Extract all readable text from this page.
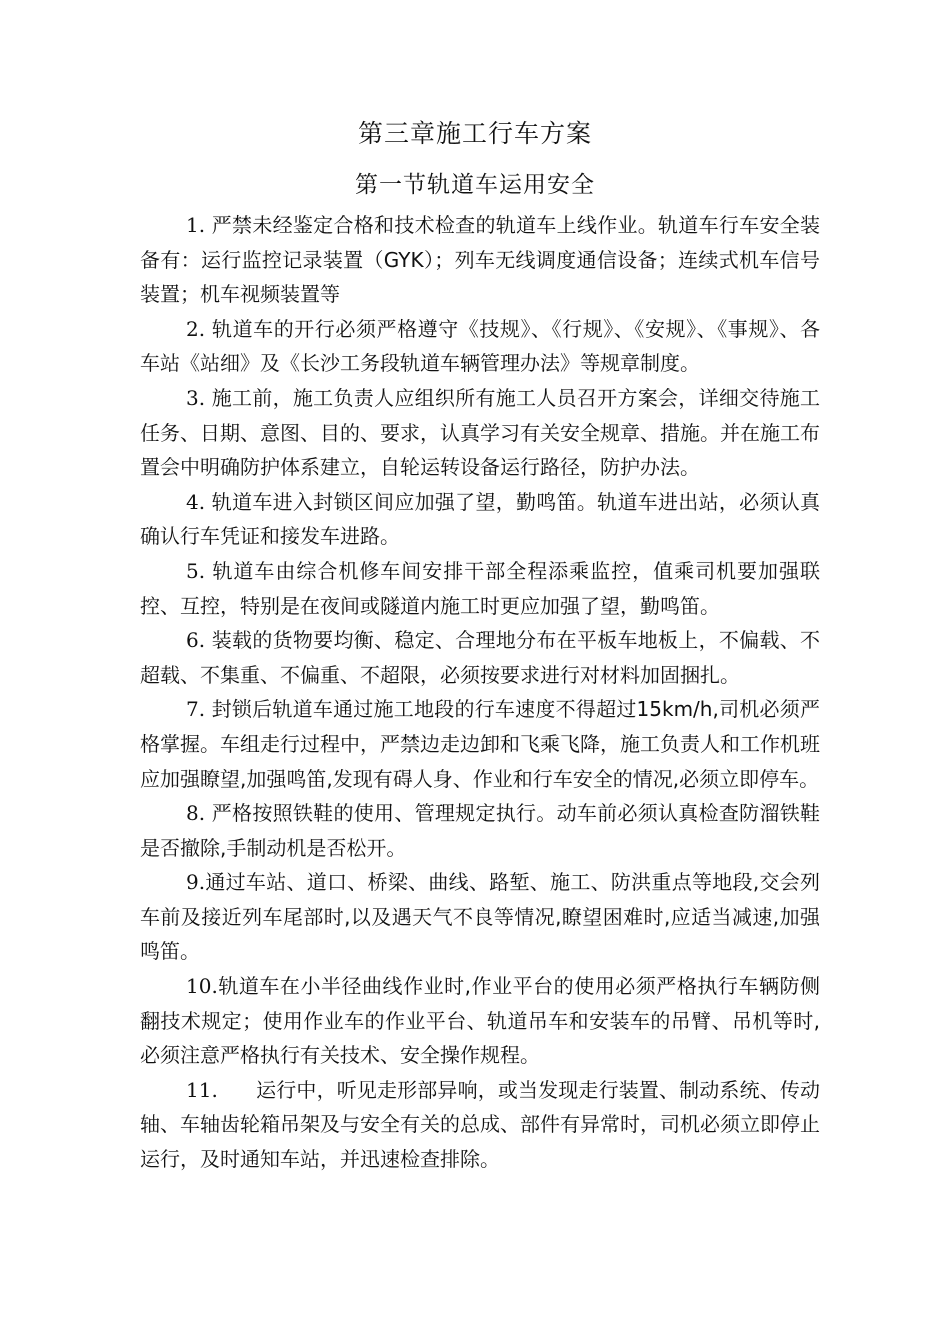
第三章施工行车方案
第一节轨道车运用安全

1. 严禁未经鉴定合格和技术检查的轨道车上线作业。轨道车行车安全装备有：运行监控记录装置（GYK）；列车无线调度通信设备；连续式机车信号装置；机车视频装置等

2. 轨道车的开行必须严格遵守《技规》、《行规》、《安规》、《事规》、各车站《站细》及《长沙工务段轨道车辆管理办法》等规章制度。

3. 施工前，施工负责人应组织所有施工人员召开方案会，详细交待施工任务、日期、意图、目的、要求，认真学习有关安全规章、措施。并在施工布置会中明确防护体系建立，自轮运转设备运行路径，防护办法。

4. 轨道车进入封锁区间应加强了望，勤鸣笛。轨道车进出站，必须认真确认行车凭证和接发车进路。

5. 轨道车由综合机修车间安排干部全程添乘监控，值乘司机要加强联控、互控，特别是在夜间或隧道内施工时更应加强了望，勤鸣笛。

6. 装载的货物要均衡、稳定、合理地分布在平板车地板上，不偏载、不超载、不集重、不偏重、不超限，必须按要求进行对材料加固捆扎。

7. 封锁后轨道车通过施工地段的行车速度不得超过15km/h,司机必须严格掌握。车组走行过程中，严禁边走边卸和飞乘飞降，施工负责人和工作机班应加强瞭望,加强鸣笛,发现有碍人身、作业和行车安全的情况,必须立即停车。

8. 严格按照铁鞋的使用、管理规定执行。动车前必须认真检查防溜铁鞋是否撤除,手制动机是否松开。

9.通过车站、道口、桥梁、曲线、路堑、施工、防洪重点等地段,交会列车前及接近列车尾部时,以及遇天气不良等情况,瞭望困难时,应适当减速,加强鸣笛。

10.轨道车在小半径曲线作业时,作业平台的使用必须严格执行车辆防侧翻技术规定；使用作业车的作业平台、轨道吊车和安装车的吊臂、吊机等时,必须注意严格执行有关技术、安全操作规程。

11. 运行中，听见走形部异响，或当发现走行装置、制动系统、传动轴、车轴齿轮箱吊架及与安全有关的总成、部件有异常时，司机必须立即停止运行，及时通知车站，并迅速检查排除。
